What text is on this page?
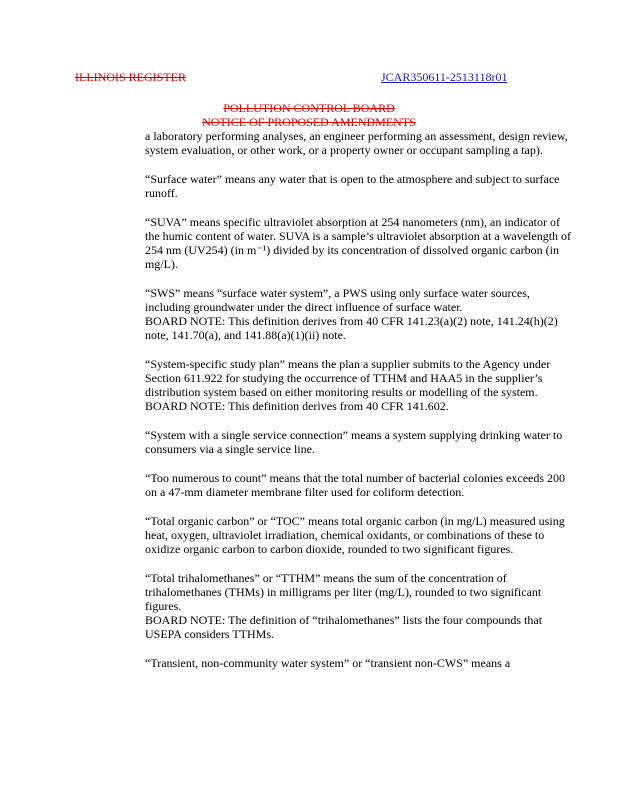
ILLINOIS REGISTER	JCAR350611-2513118r01
POLLUTION CONTROL BOARD
NOTICE OF PROPOSED AMENDMENTS
a laboratory performing analyses, an engineer performing an assessment, design review, system evaluation, or other work, or a property owner or occupant sampling a tap).
“Surface water” means any water that is open to the atmosphere and subject to surface runoff.
“SUVA” means specific ultraviolet absorption at 254 nanometers (nm), an indicator of the humic content of water. SUVA is a sample’s ultraviolet absorption at a wavelength of 254 nm (UV254) (in m⁻¹) divided by its concentration of dissolved organic carbon (in mg/L).
“SWS” means “surface water system”, a PWS using only surface water sources, including groundwater under the direct influence of surface water.
BOARD NOTE: This definition derives from 40 CFR 141.23(a)(2) note, 141.24(h)(2) note, 141.70(a), and 141.88(a)(1)(ii) note.
“System-specific study plan” means the plan a supplier submits to the Agency under Section 611.922 for studying the occurrence of TTHM and HAA5 in the supplier’s distribution system based on either monitoring results or modelling of the system.
BOARD NOTE: This definition derives from 40 CFR 141.602.
“System with a single service connection” means a system supplying drinking water to consumers via a single service line.
“Too numerous to count” means that the total number of bacterial colonies exceeds 200 on a 47-mm diameter membrane filter used for coliform detection.
“Total organic carbon” or “TOC” means total organic carbon (in mg/L) measured using heat, oxygen, ultraviolet irradiation, chemical oxidants, or combinations of these to oxidize organic carbon to carbon dioxide, rounded to two significant figures.
“Total trihalomethanes” or “TTHM” means the sum of the concentration of trihalomethanes (THMs) in milligrams per liter (mg/L), rounded to two significant figures.
BOARD NOTE: The definition of “trihalomethanes” lists the four compounds that USEPA considers TTHMs.
“Transient, non-community water system” or “transient non-CWS” means a
